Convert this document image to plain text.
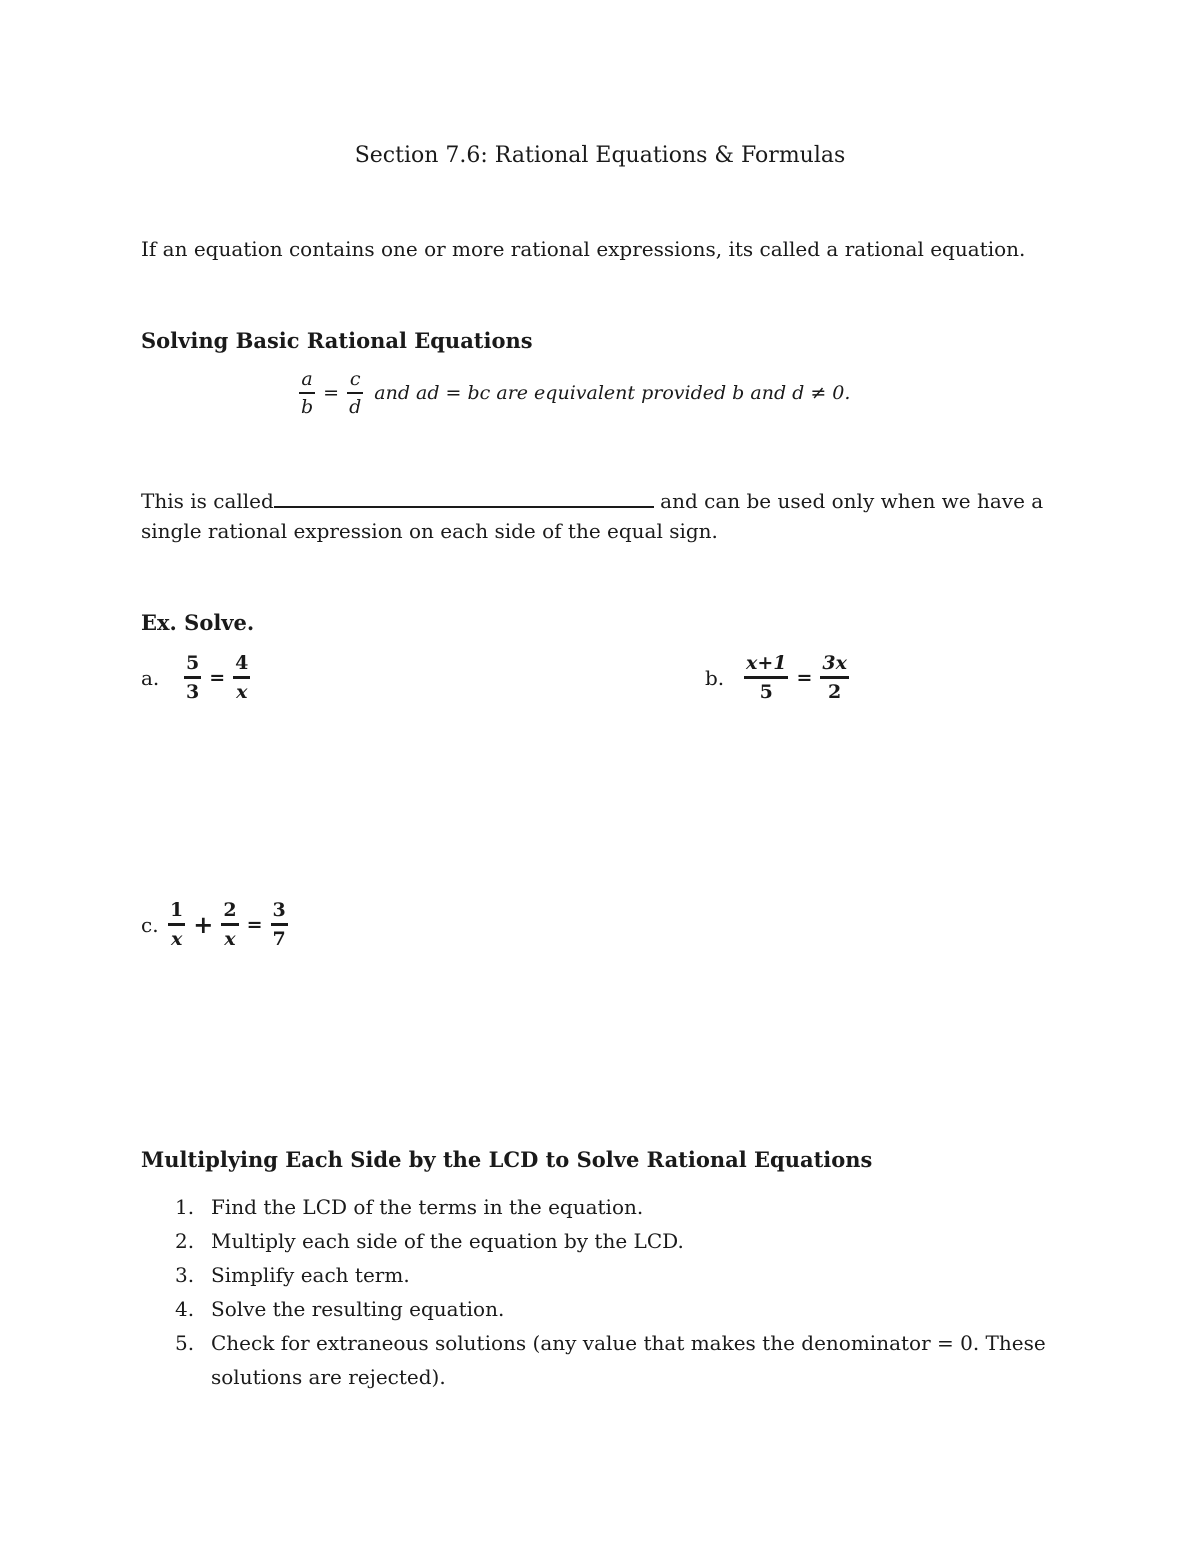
Section 7.6: Rational Equations & Formulas
If an equation contains one or more rational expressions, its called a rational equation.
Solving Basic Rational Equations
$\frac{a}{b} = \frac{c}{d}$ and ad = bc are equivalent provided b and d ≠ 0.
This is called	and can be used only when we have a
single rational expression on each side of the equal sign.
Ex. Solve.
a.	$\frac{5}{3} = \frac{4}{x}$	b.	$\frac{x+1}{5} = \frac{3x}{2}$
c. $\frac{1}{x} + \frac{2}{x} = \frac{3}{7}$
Multiplying Each Side by the LCD to Solve Rational Equations
1. Find the LCD of the terms in the equation.
2. Multiply each side of the equation by the LCD.
3. Simplify each term.
4. Solve the resulting equation.
5. Check for extraneous solutions (any value that makes the denominator = 0. These
solutions are rejected).
